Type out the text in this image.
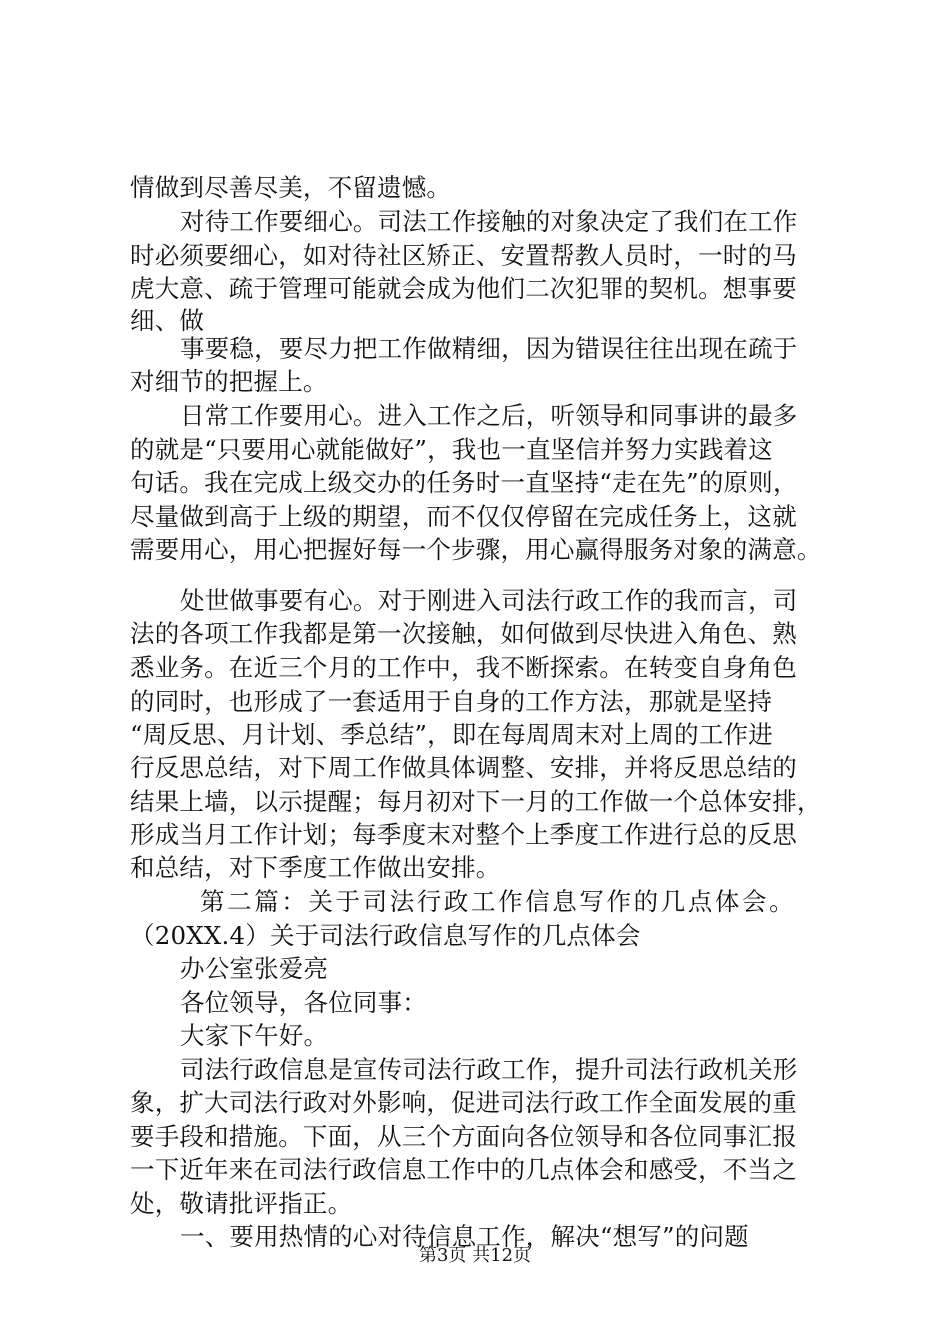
情做到尽善尽美，不留遗憾。
对待工作要细心。司法工作接触的对象决定了我们在工作
时必须要细心，如对待社区矫正、安置帮教人员时，一时的马
虎大意、疏于管理可能就会成为他们二次犯罪的契机。想事要
细、做
事要稳，要尽力把工作做精细，因为错误往往出现在疏于
对细节的把握上。
日常工作要用心。进入工作之后，听领导和同事讲的最多
的就是“只要用心就能做好”，我也一直坚信并努力实践着这
句话。我在完成上级交办的任务时一直坚持“走在先”的原则，
尽量做到高于上级的期望，而不仅仅停留在完成任务上，这就
需要用心，用心把握好每一个步骤，用心赢得服务对象的满意。
处世做事要有心。对于刚进入司法行政工作的我而言，司
法的各项工作我都是第一次接触，如何做到尽快进入角色、熟
悉业务。在近三个月的工作中，我不断探索。在转变自身角色
的同时，也形成了一套适用于自身的工作方法，那就是坚持
“周反思、月计划、季总结”，即在每周周末对上周的工作进
行反思总结，对下周工作做具体调整、安排，并将反思总结的
结果上墙，以示提醒；每月初对下一月的工作做一个总体安排，
形成当月工作计划；每季度末对整个上季度工作进行总的反思
和总结，对下季度工作做出安排。
第二篇：关于司法行政工作信息写作的几点体会。
（20XX.4）关于司法行政信息写作的几点体会
办公室张爱亮
各位领导，各位同事：
大家下午好。
司法行政信息是宣传司法行政工作，提升司法行政机关形
象，扩大司法行政对外影响，促进司法行政工作全面发展的重
要手段和措施。下面，从三个方面向各位领导和各位同事汇报
一下近年来在司法行政信息工作中的几点体会和感受，不当之
处，敬请批评指正。
一、要用热情的心对待信息工作，解决“想写”的问题
第3页 共12页
